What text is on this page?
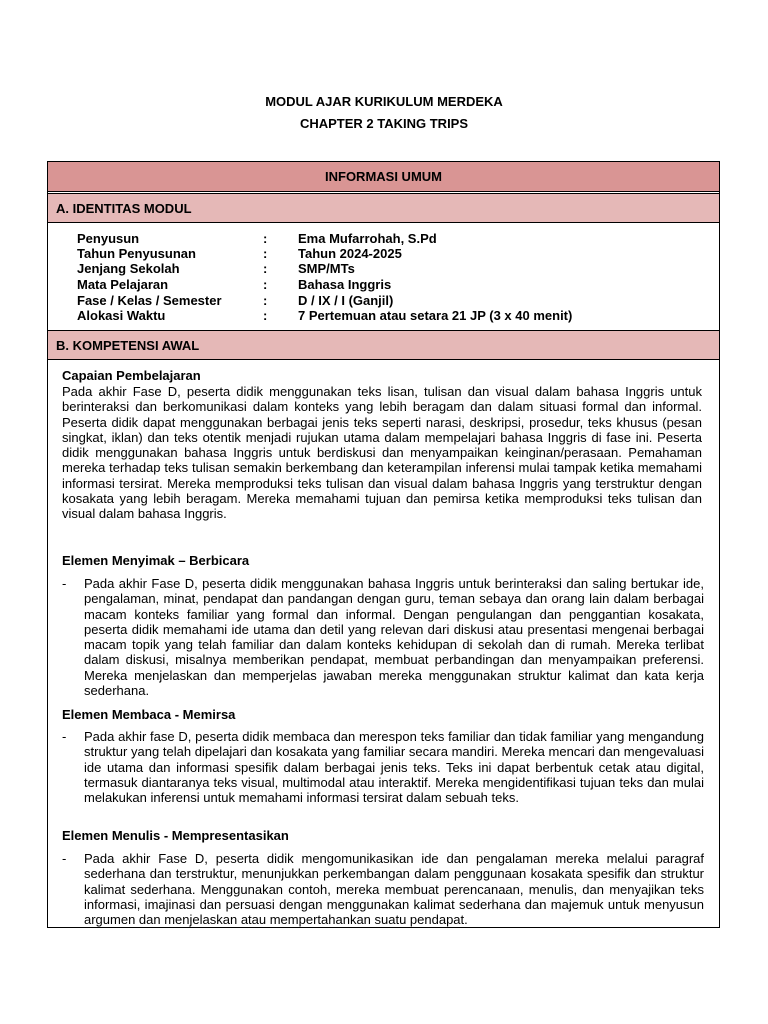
MODUL AJAR KURIKULUM MERDEKA
CHAPTER 2 TAKING TRIPS
INFORMASI UMUM
A. IDENTITAS MODUL
Penyusun	: Ema Mufarrohah, S.Pd
Tahun Penyusunan	: Tahun 2024-2025
Jenjang Sekolah	: SMP/MTs
Mata Pelajaran	: Bahasa Inggris
Fase / Kelas / Semester	: D / IX / I (Ganjil)
Alokasi Waktu	: 7 Pertemuan atau setara 21 JP (3 x 40 menit)
B. KOMPETENSI AWAL
Capaian Pembelajaran
Pada akhir Fase D, peserta didik menggunakan teks lisan, tulisan dan visual dalam bahasa Inggris untuk berinteraksi dan berkomunikasi dalam konteks yang lebih beragam dan dalam situasi formal dan informal. Peserta didik dapat menggunakan berbagai jenis teks seperti narasi, deskripsi, prosedur, teks khusus (pesan singkat, iklan) dan teks otentik menjadi rujukan utama dalam mempelajari bahasa Inggris di fase ini. Peserta didik menggunakan bahasa Inggris untuk berdiskusi dan menyampaikan keinginan/perasaan. Pemahaman mereka terhadap teks tulisan semakin berkembang dan keterampilan inferensi mulai tampak ketika memahami informasi tersirat. Mereka memproduksi teks tulisan dan visual dalam bahasa Inggris yang terstruktur dengan kosakata yang lebih beragam. Mereka memahami tujuan dan pemirsa ketika memproduksi teks tulisan dan visual dalam bahasa Inggris.
Elemen Menyimak – Berbicara
- Pada akhir Fase D, peserta didik menggunakan bahasa Inggris untuk berinteraksi dan saling bertukar ide, pengalaman, minat, pendapat dan pandangan dengan guru, teman sebaya dan orang lain dalam berbagai macam konteks familiar yang formal dan informal. Dengan pengulangan dan penggantian kosakata, peserta didik memahami ide utama dan detil yang relevan dari diskusi atau presentasi mengenai berbagai macam topik yang telah familiar dan dalam konteks kehidupan di sekolah dan di rumah. Mereka terlibat dalam diskusi, misalnya memberikan pendapat, membuat perbandingan dan menyampaikan preferensi. Mereka menjelaskan dan memperjelas jawaban mereka menggunakan struktur kalimat dan kata kerja sederhana.
Elemen Membaca - Memirsa
- Pada akhir fase D, peserta didik membaca dan merespon teks familiar dan tidak familiar yang mengandung struktur yang telah dipelajari dan kosakata yang familiar secara mandiri. Mereka mencari dan mengevaluasi ide utama dan informasi spesifik dalam berbagai jenis teks. Teks ini dapat berbentuk cetak atau digital, termasuk diantaranya teks visual, multimodal atau interaktif. Mereka mengidentifikasi tujuan teks dan mulai melakukan inferensi untuk memahami informasi tersirat dalam sebuah teks.
Elemen Menulis - Mempresentasikan
- Pada akhir Fase D, peserta didik mengomunikasikan ide dan pengalaman mereka melalui paragraf sederhana dan terstruktur, menunjukkan perkembangan dalam penggunaan kosakata spesifik dan struktur kalimat sederhana. Menggunakan contoh, mereka membuat perencanaan, menulis, dan menyajikan teks informasi, imajinasi dan persuasi dengan menggunakan kalimat sederhana dan majemuk untuk menyusun argumen dan menjelaskan atau mempertahankan suatu pendapat.
